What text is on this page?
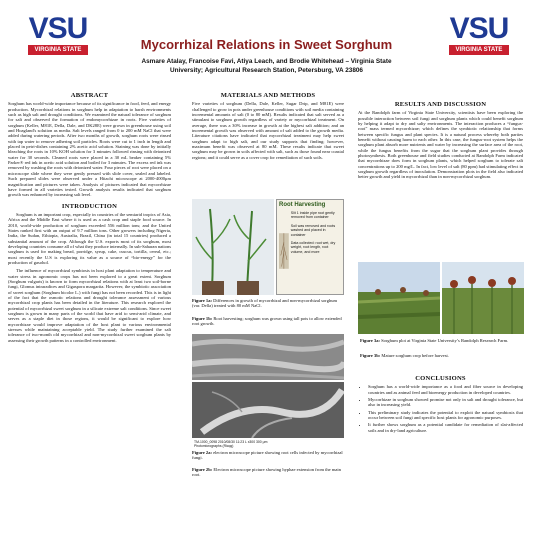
VSU
VIRGINIA STATE	Mycorrhizal Relations in Sweet Sorghum
Asmare Atalay, Francoise Favi, Atiya Leach, and Brodie Whitehead – Virginia State
University; Agricultural Research Station, Petersburg, VA 23806
VSU
VIRGINIA STATE
ABSTRACT

Sorghum has world-wide importance because of its significance in food, feed, and energy production. Mycorrhizal relations in sorghum help in adaptation to harsh environments such as high salt and drought conditions. We examined the natural tolerance of sorghum for salt and observed the formation of endomycorrhizae in roots. Five varieties of sorghum (Keller, M81E, Della, Dale, and DK28E) were grown in greenhouse using soil and Hoagland's solution as media. Salt levels ranged from 0 to 200 mM NaCl that were added during watering periods. After two months of growth, sorghum roots were rinsed with tap water to remove adhering soil particles. Roots were cut to 1 inch in length and placed in petri-dishes containing 2% acetic acid solution. Staining was done by initially bleaching the roots in 10% KOH solution for 3 minutes followed rinsing with deionized water for 30 seconds. Cleaned roots were placed in a 30 mL beaker containing 5% Parker® red ink in acetic acid solution and boiled for 3 minutes. The excess red ink was removed by washing the roots with deionized water. Four pieces of root were placed on a microscope slide where they were gently pressed with slide cover, sealed and labeled. Such prepared slides were observed under a Hitachi microscope at 2000-4000μm magnification and pictures were taken. Analysis of pictures indicated that mycorrhizae have formed in all varieties tested. Growth analysis results indicated that sorghum growth was enhanced by increasing salt level.

INTRODUCTION

Sorghum is an important crop, especially in countries of the semiarid tropics of Asia, Africa and the Middle East where it is used as a cash crop and staple food source. In 2010, world-wide production of sorghum exceeded 556 million tons; and the United States ranked first with an output of 9.7 million tons. Other growers including Nigeria, India, the Sudan, Ethiopia, Australia, Brazil, China (in total 15 countries) produced a substantial amount of the crop. Although the U.S. exports most of its sorghum, most developing countries consume all of what they produce internally. In sub-Saharan nations sorghum is used for making bread, porridge, syrup, cake, cuscus, tortilla, cereal, etc.; most recently the U.S is exploring its value as a source of “bio-energy” for the production of gasohol.

The influence of mycorrhizal symbiosis in host plant adaptation to temperature and water stress in agronomic crops has not been explored to a great extent. Sorghum (Sorghum vulgaris) is known to form mycorrhizal relations with at least two soil-borne fungi, Glomus intraradices and Gigaspora margarita. However, the symbiotic association of sweet sorghum (Sorghum bicolor L.) with fungi has not been recorded. This is in light of the fact that the osmotic relations and drought tolerance assessment of various mycorrhizal crop plants has been detailed in the literature. This research explored the potential of mycorrhizal sweet sorghum in a silicate extreme salt conditions. Since sweet sorghum is grown in many parts of the world that have arid to semi-arid climate, and serves as a staple diet in those regions, it would be significant to explore how mycorrhizae would improve adaptation of the host plant to various environmental stresses while maintaining acceptable yield. The study further examined the salt tolerance of two-month old mycorrhizal and non-mycorrhizal sweet sorghum plants by assessing their growth patterns in a controlled environment.

MATERIALS AND METHODS

Five varieties of sorghum (Della, Dale, Keller, Sugar Drip, and M81E) were challenged to grow in pots under greenhouse conditions with soil media containing incremental amounts of salt (0 to 80 mM). Results indicated that salt served as a stimulant to sorghum growth regardless of variety or mycorrhizal treatment. On average, there was a 30% increase in growth at the highest salt addition; and an incremental growth was observed with amount of salt added to the growth media. Literature citations have indicated that mycorrhizal treatment may help sweet sorghum adapt to high salt, and our study supports that finding; however, maximum benefit was observed at 80 mM. These results indicate that sweet sorghum may be grown in soils affected with salt, such as those found near coastal regions; and it could serve as a cover crop for remediation of such soils.

Root Harvesting
Slit 1 inside pipe root gently removed from container
Soil was removed and roots washed and placed in container
Data collected: root wet, dry weight, root length, root volume, and more
Figure 1a: Differences in growth of mycorrhizal and non-mycorrhizal sorghum (var. Della) treated with 80 mM NaCl.
Figure 1b: Root harvesting; sorghum was grown using tall pots to allow extended root growth.
TM-1000_0098 2010/08/30 11:23 L x300 300 μm
Photomicrographs (Ricqq)
Figure 2a: electron microscope picture showing root cells infected by mycorrhizal fungi.
Figure 2b: Electron microscope picture showing hyphae extension from the main root.
RESULTS AND DISCUSSION

At the Randolph farm of Virginia State University, scientists have been exploring the possible interaction between soil fungi and sorghum plants which could benefit sorghum by helping it adapt to dry and salty environments. The interaction produces a “fungus-root” mass termed mycorrhizae; which defines the symbiotic relationship that forms between specific fungus and plant species. It is a natural process whereby both parties benefit without causing harm to each other. In this case, the fungus-root system helps the sorghum plant absorb more nutrients and water by increasing the surface area of the root, while the fungus benefits from the sugar that the sorghum plant provides through photosynthesis. Both greenhouse and field studies conducted at Randolph Farm indicated that mycorrhizae does form in sorghum plants, which helped sorghum to tolerate salt concentrations up to 200 mg/L. In fact, low level of salt (80 ppm) had stimulating effect in sorghum growth regardless of inoculation. Demonstration plots in the field also indicated better growth and yield in mycorrhizal than in non-mycorrhizal sorghum.

Figure 3a: Sorghum plot at Virginia State University’s Randolph Research Farm.
Figure 3b: Mature sorghum crop before harvest.
CONCLUSIONS
• Sorghum has a world-wide importance as a food and fiber source in developing countries and as animal feed and bioenergy production in developed countries.
• Mycorrhizae in sorghum showed promise not only in salt and drought tolerance, but also in increasing yield.
• This preliminary study indicates the potential to exploit the natural symbiosis that occur between soil fungi and specific host plants for agronomic purposes.
• It further shows sorghum as a potential candidate for remediation of slat-affected soils and in dry-land agriculture.
